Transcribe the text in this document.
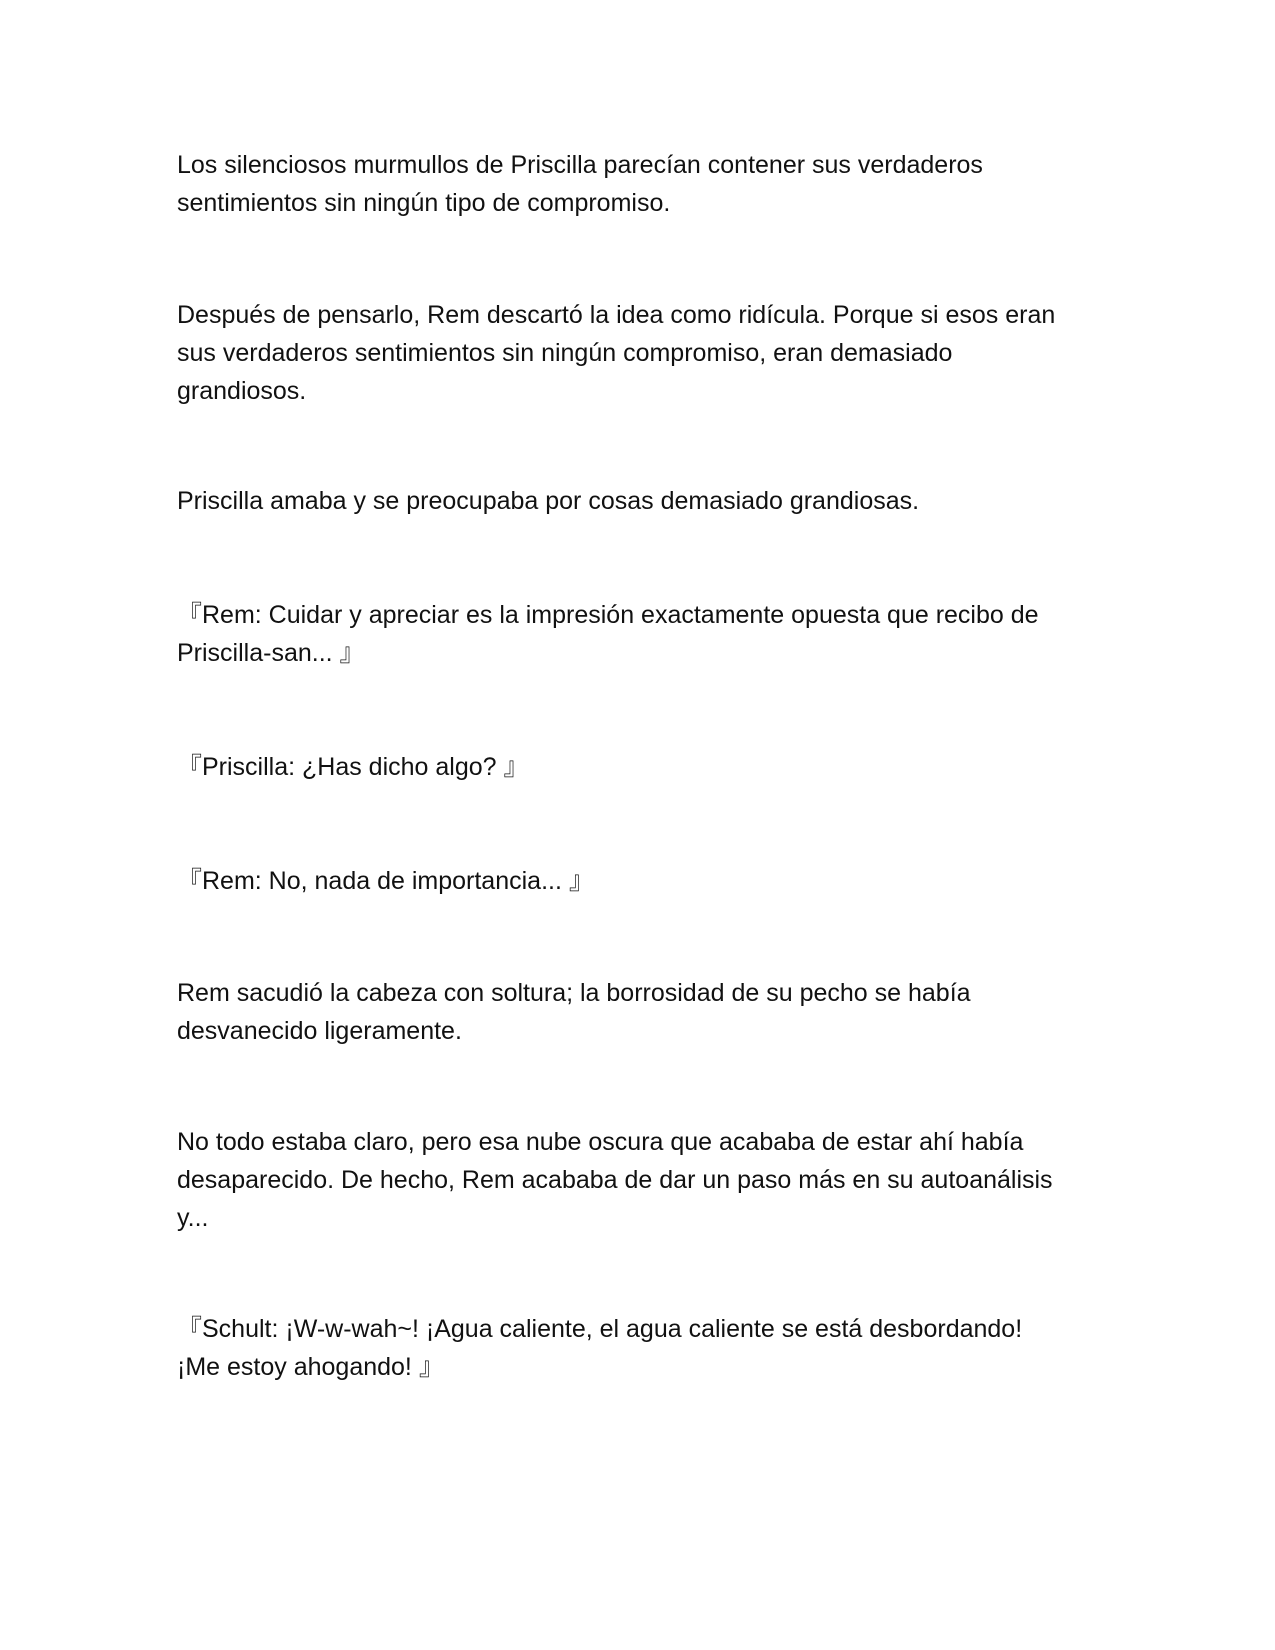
Los silenciosos murmullos de Priscilla parecían contener sus verdaderos
sentimientos sin ningún tipo de compromiso.

Después de pensarlo, Rem descartó la idea como ridícula. Porque si esos eran
sus verdaderos sentimientos sin ningún compromiso, eran demasiado
grandiosos.

Priscilla amaba y se preocupaba por cosas demasiado grandiosas.

『Rem: Cuidar y apreciar es la impresión exactamente opuesta que recibo de
Priscilla-san... 』

『Priscilla: ¿Has dicho algo? 』

『Rem: No, nada de importancia... 』

Rem sacudió la cabeza con soltura; la borrosidad de su pecho se había
desvanecido ligeramente.

No todo estaba claro, pero esa nube oscura que acababa de estar ahí había
desaparecido. De hecho, Rem acababa de dar un paso más en su autoanálisis
y...

『Schult: ¡W-w-wah~! ¡Agua caliente, el agua caliente se está desbordando!
¡Me estoy ahogando! 』
